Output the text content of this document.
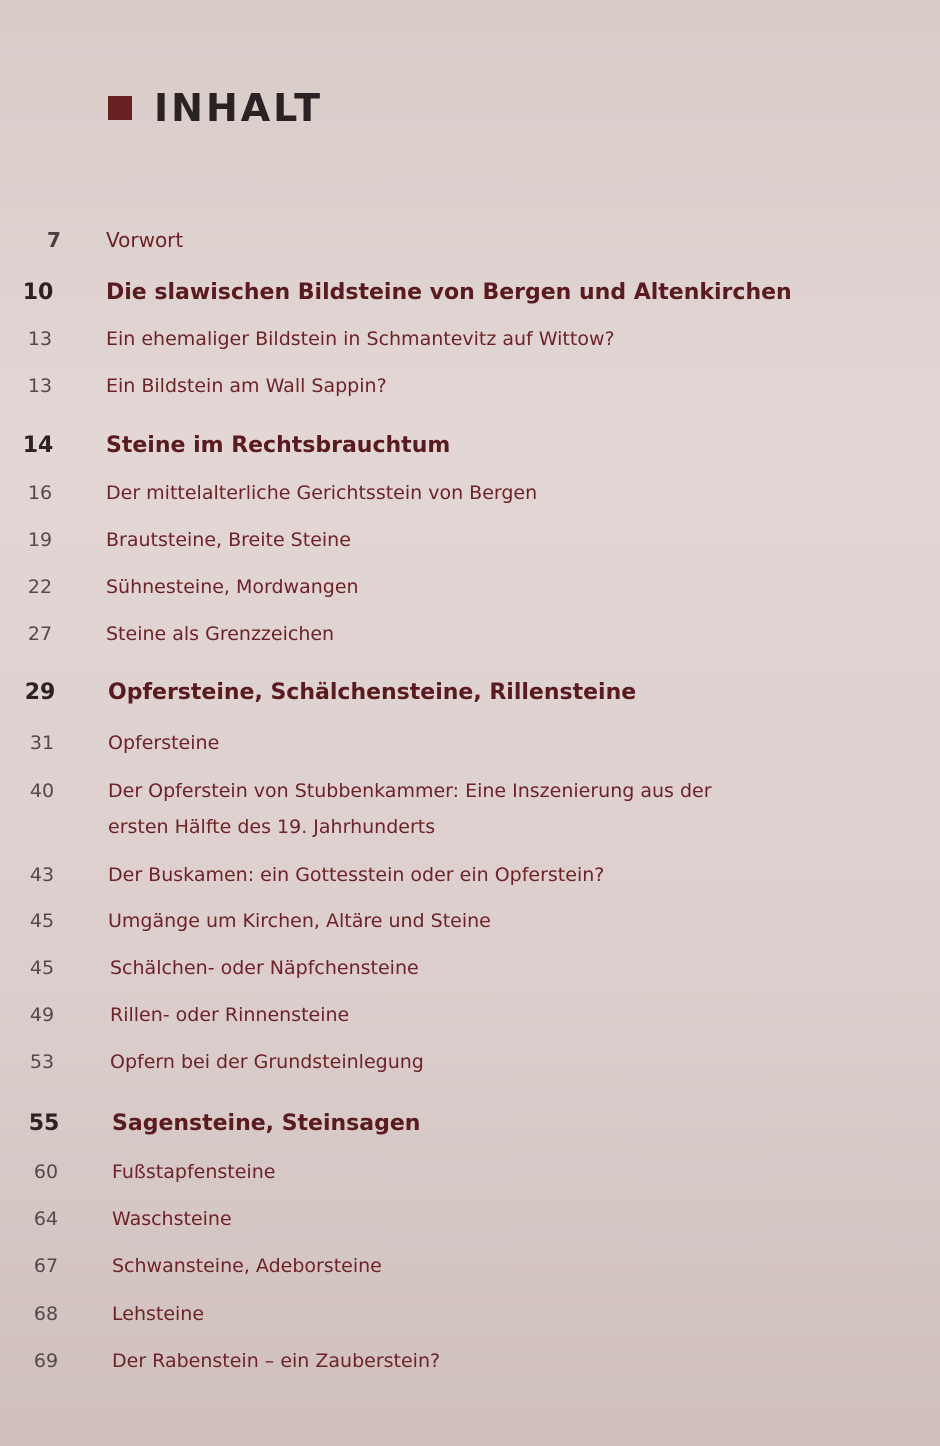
INHALT
7	Vorwort
10	Die slawischen Bildsteine von Bergen und Altenkirchen
13	Ein ehemaliger Bildstein in Schmantevitz auf Wittow?
13	Ein Bildstein am Wall Sappin?
14	Steine im Rechtsbrauchtum
16	Der mittelalterliche Gerichtsstein von Bergen
19	Brautsteine, Breite Steine
22	Sühnesteine, Mordwangen
27	Steine als Grenzzeichen
29	Opfersteine, Schälchensteine, Rillensteine
31	Opfersteine
40	Der Opferstein von Stubbenkammer: Eine Inszenierung aus der
ersten Hälfte des 19. Jahrhunderts
43	Der Buskamen: ein Gottesstein oder ein Opferstein?
45	Umgänge um Kirchen, Altäre und Steine
45	Schälchen- oder Näpfchensteine
49	Rillen- oder Rinnensteine
53	Opfern bei der Grundsteinlegung
55	Sagensteine, Steinsagen
60	Fußstapfensteine
64	Waschsteine
67	Schwansteine, Adeborsteine
68	Lehsteine
69	Der Rabenstein – ein Zauberstein?
